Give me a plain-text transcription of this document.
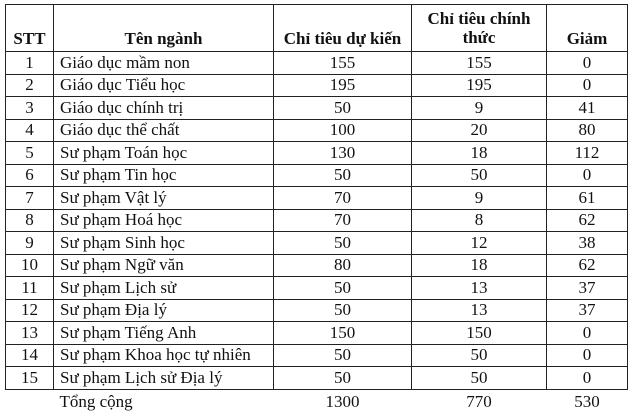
STT	Tên ngành	Chỉ tiêu dự kiến	Chỉ tiêu chính thức	Giảm
1	Giáo dục mầm non	155	155	0
2	Giáo dục Tiểu học	195	195	0
3	Giáo dục chính trị	50	9	41
4	Giáo dục thể chất	100	20	80
5	Sư phạm Toán học	130	18	112
6	Sư phạm Tin học	50	50	0
7	Sư phạm Vật lý	70	9	61
8	Sư phạm Hoá học	70	8	62
9	Sư phạm Sinh học	50	12	38
10	Sư phạm Ngữ văn	80	18	62
11	Sư phạm Lịch sử	50	13	37
12	Sư phạm Địa lý	50	13	37
13	Sư phạm Tiếng Anh	150	150	0
14	Sư phạm Khoa học tự nhiên	50	50	0
15	Sư phạm Lịch sử Địa lý	50	50	0
	Tổng cộng	1300	770	530
